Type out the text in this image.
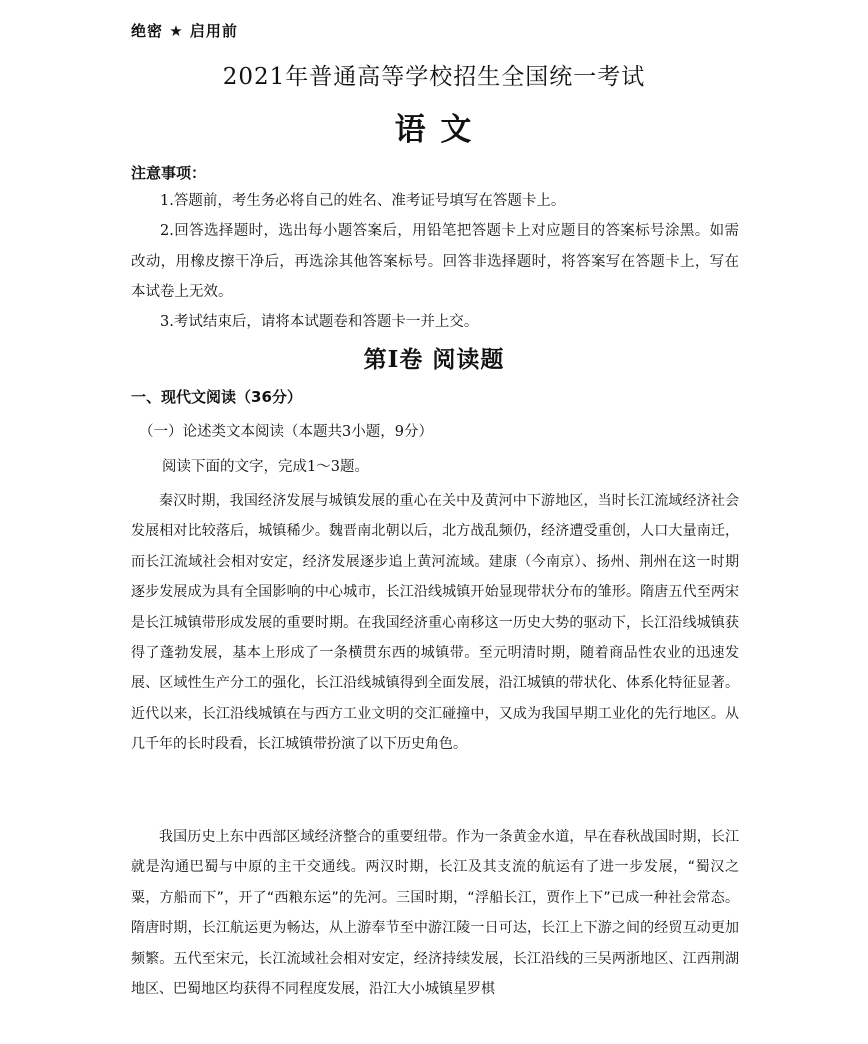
绝密 ★ 启用前
2021年普通高等学校招生全国统一考试
语 文
注意事项：

1.答题前，考生务必将自己的姓名、准考证号填写在答题卡上。

2.回答选择题时，选出每小题答案后，用铅笔把答题卡上对应题目的答案标号涂黑。如需改动，用橡皮擦干净后，再选涂其他答案标号。回答非选择题时，将答案写在答题卡上，写在本试卷上无效。

3.考试结束后，请将本试题卷和答题卡一并上交。

第Ⅰ卷 阅读题
一、现代文阅读（36分）
（一）论述类文本阅读（本题共3小题，9分）
阅读下面的文字，完成1～3题。

秦汉时期，我国经济发展与城镇发展的重心在关中及黄河中下游地区，当时长江流域经济社会发展相对比较落后，城镇稀少。魏晋南北朝以后，北方战乱频仍，经济遭受重创，人口大量南迁，而长江流域社会相对安定，经济发展逐步追上黄河流域。建康（今南京）、扬州、荆州在这一时期逐步发展成为具有全国影响的中心城市，长江沿线城镇开始显现带状分布的雏形。隋唐五代至两宋是长江城镇带形成发展的重要时期。在我国经济重心南移这一历史大势的驱动下，长江沿线城镇获得了蓬勃发展，基本上形成了一条横贯东西的城镇带。至元明清时期，随着商品性农业的迅速发展、区域性生产分工的强化，长江沿线城镇得到全面发展，沿江城镇的带状化、体系化特征显著。近代以来，长江沿线城镇在与西方工业文明的交汇碰撞中，又成为我国早期工业化的先行地区。从几千年的长时段看，长江城镇带扮演了以下历史角色。

我国历史上东中西部区域经济整合的重要纽带。作为一条黄金水道，早在春秋战国时期，长江就是沟通巴蜀与中原的主干交通线。两汉时期，长江及其支流的航运有了进一步发展，“蜀汉之粟，方船而下”，开了“西粮东运”的先河。三国时期，“浮船长江，贾作上下”已成一种社会常态。隋唐时期，长江航运更为畅达，从上游奉节至中游江陵一日可达，长江上下游之间的经贸互动更加频繁。五代至宋元，长江流域社会相对安定，经济持续发展，长江沿线的三吴两浙地区、江西荆湖地区、巴蜀地区均获得不同程度发展，沿江大小城镇星罗棋
